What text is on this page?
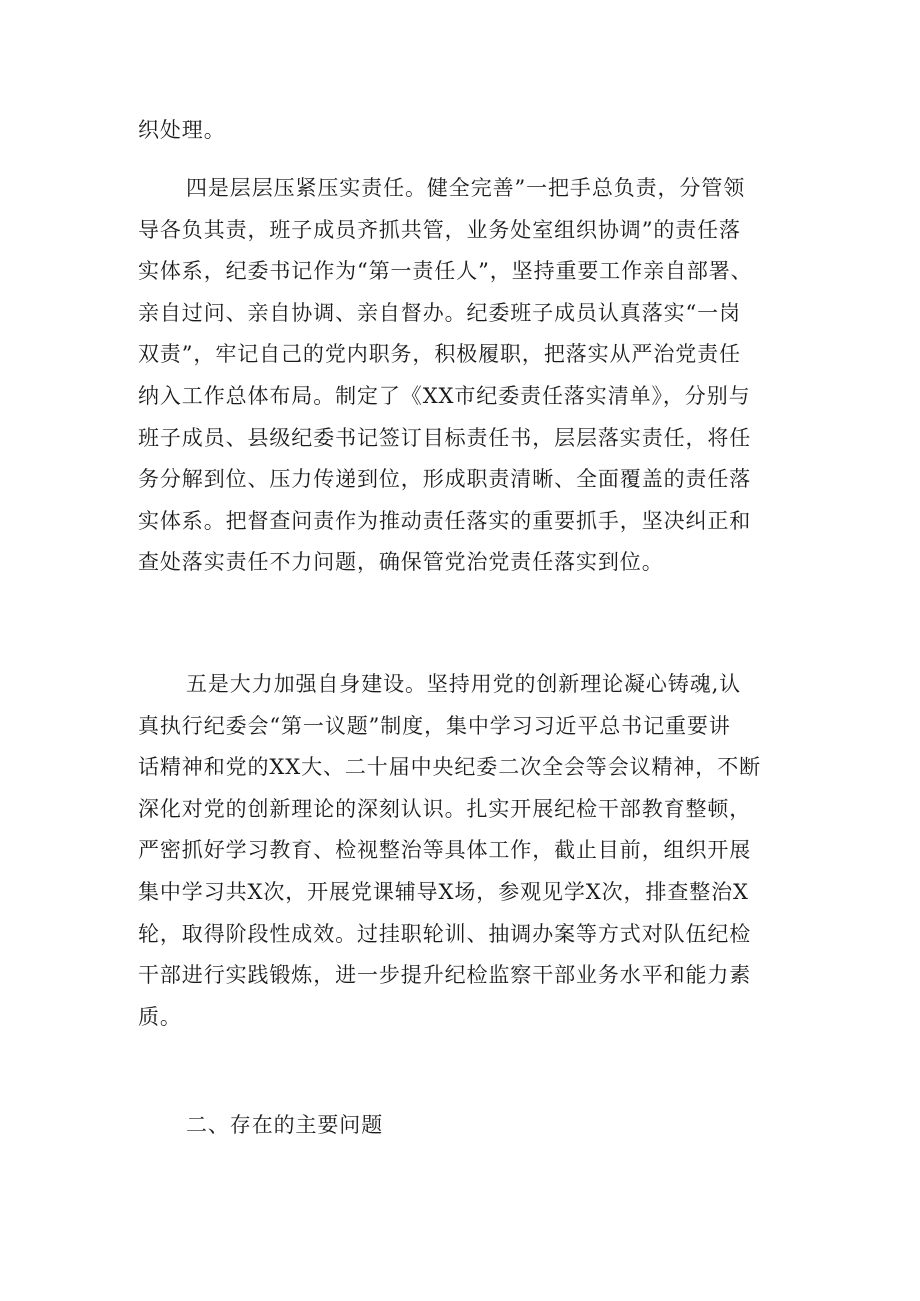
织处理。

四是层层压紧压实责任。健全完善”一把手总负责，分管领
导各负其责，班子成员齐抓共管，业务处室组织协调”的责任落
实体系，纪委书记作为“第一责任人”，坚持重要工作亲自部署、
亲自过问、亲自协调、亲自督办。纪委班子成员认真落实“一岗
双责”，牢记自己的党内职务，积极履职，把落实从严治党责任
纳入工作总体布局。制定了《XX市纪委责任落实清单》，分别与
班子成员、县级纪委书记签订目标责任书，层层落实责任，将任
务分解到位、压力传递到位，形成职责清晰、全面覆盖的责任落
实体系。把督查问责作为推动责任落实的重要抓手，坚决纠正和
查处落实责任不力问题，确保管党治党责任落实到位。

五是大力加强自身建设。坚持用党的创新理论凝心铸魂,认
真执行纪委会“第一议题”制度，集中学习习近平总书记重要讲
话精神和党的XX大、二十届中央纪委二次全会等会议精神，不断
深化对党的创新理论的深刻认识。扎实开展纪检干部教育整顿，
严密抓好学习教育、检视整治等具体工作，截止目前，组织开展
集中学习共X次，开展党课辅导X场，参观见学X次，排查整治X
轮，取得阶段性成效。过挂职轮训、抽调办案等方式对队伍纪检
干部进行实践锻炼，进一步提升纪检监察干部业务水平和能力素
质。

二、存在的主要问题
